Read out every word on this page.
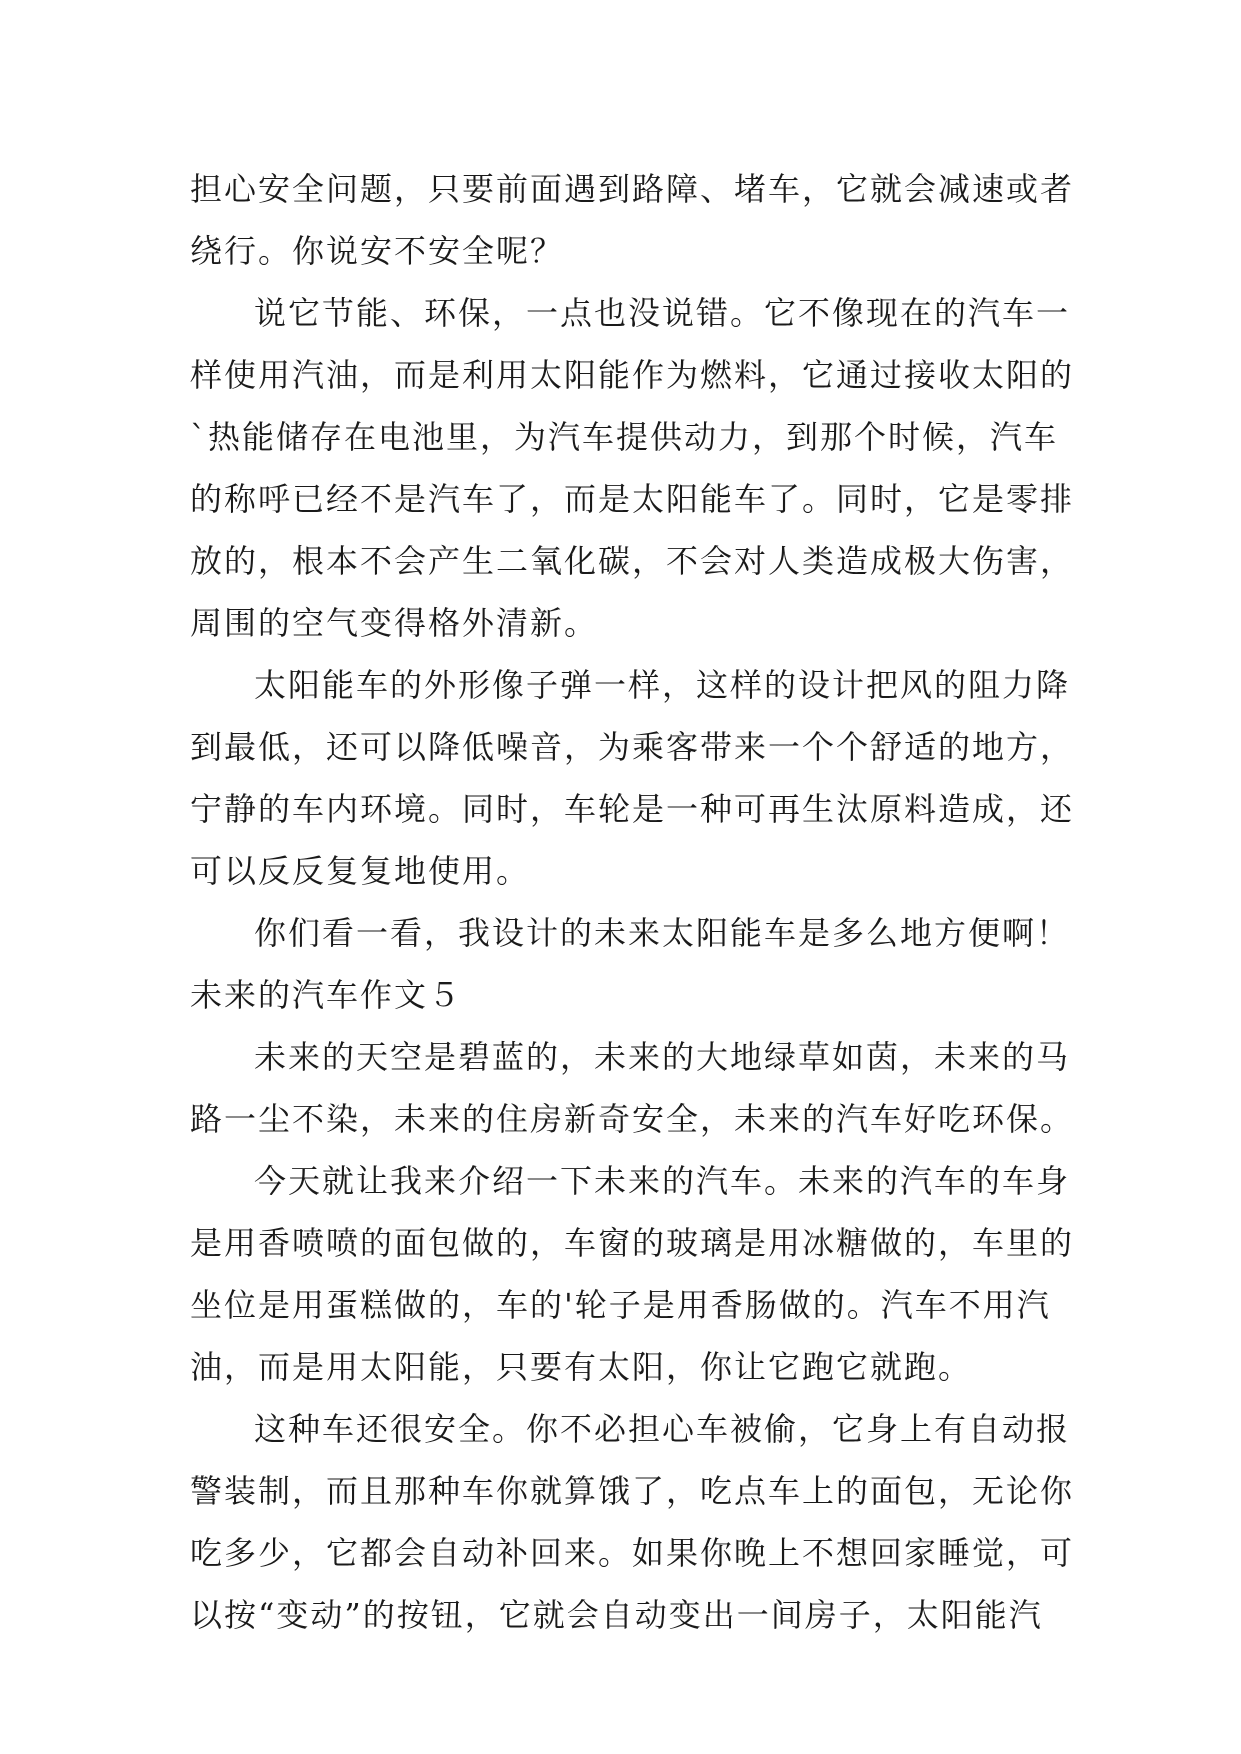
担心安全问题，只要前面遇到路障、堵车，它就会减速或者
绕行。你说安不安全呢？
说它节能、环保，一点也没说错。它不像现在的汽车一
样使用汽油，而是利用太阳能作为燃料，它通过接收太阳的
`热能储存在电池里，为汽车提供动力，到那个时候，汽车
的称呼已经不是汽车了，而是太阳能车了。同时，它是零排
放的，根本不会产生二氧化碳，不会对人类造成极大伤害，
周围的空气变得格外清新。
太阳能车的外形像子弹一样，这样的设计把风的阻力降
到最低，还可以降低噪音，为乘客带来一个个舒适的地方，
宁静的车内环境。同时，车轮是一种可再生汰原料造成，还
可以反反复复地使用。
你们看一看，我设计的未来太阳能车是多么地方便啊！
未来的汽车作文５
未来的天空是碧蓝的，未来的大地绿草如茵，未来的马
路一尘不染，未来的住房新奇安全，未来的汽车好吃环保。
今天就让我来介绍一下未来的汽车。未来的汽车的车身
是用香喷喷的面包做的，车窗的玻璃是用冰糖做的，车里的
坐位是用蛋糕做的，车的'轮子是用香肠做的。汽车不用汽
油，而是用太阳能，只要有太阳，你让它跑它就跑。
这种车还很安全。你不必担心车被偷，它身上有自动报
警装制，而且那种车你就算饿了，吃点车上的面包，无论你
吃多少，它都会自动补回来。如果你晚上不想回家睡觉，可
以按“变动”的按钮，它就会自动变出一间房子，太阳能汽
